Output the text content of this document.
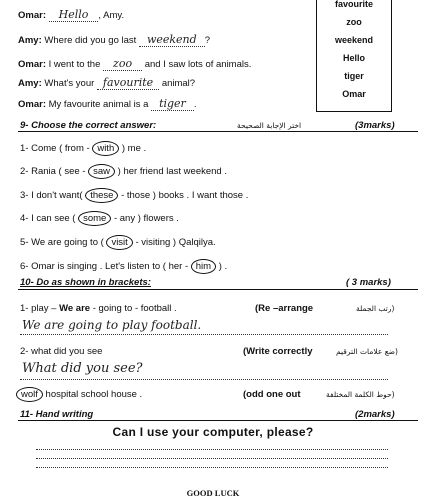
favourite
zoo
weekend
Hello
tiger
Omar
Omar: Hello , Amy.
Amy: Where did you go last weekend ?
Omar: I went to the zoo and I saw lots of animals.
Amy: What's your favourite animal?
Omar: My favourite animal is a tiger .
9- Choose the correct answer:	اختر الإجابة الصحيحة	(3marks)
1- Come ( from - with ) me .
2- Rania ( see - saw ) her friend last weekend .
3- I don't want( these - those ) books . I want those .
4- I can see ( some - any ) flowers .
5- We are going to ( visit - visiting ) Qalqilya.
6- Omar is singing . Let's listen to ( her - him ) .
10- Do as shown in brackets:	( 3 marks)
1- play – We are - going to - football .	(Re –arrange	(رتب الجملة
We are going to play football.
2- what did you see	(Write correctly	(ضع علامات الترقيم
What did you see?
wolf hospital school house .	(odd one out	(حوط الكلمة المختلفة
11- Hand writing	(2marks)
Can I use your computer, please?
GOOD LUCK
